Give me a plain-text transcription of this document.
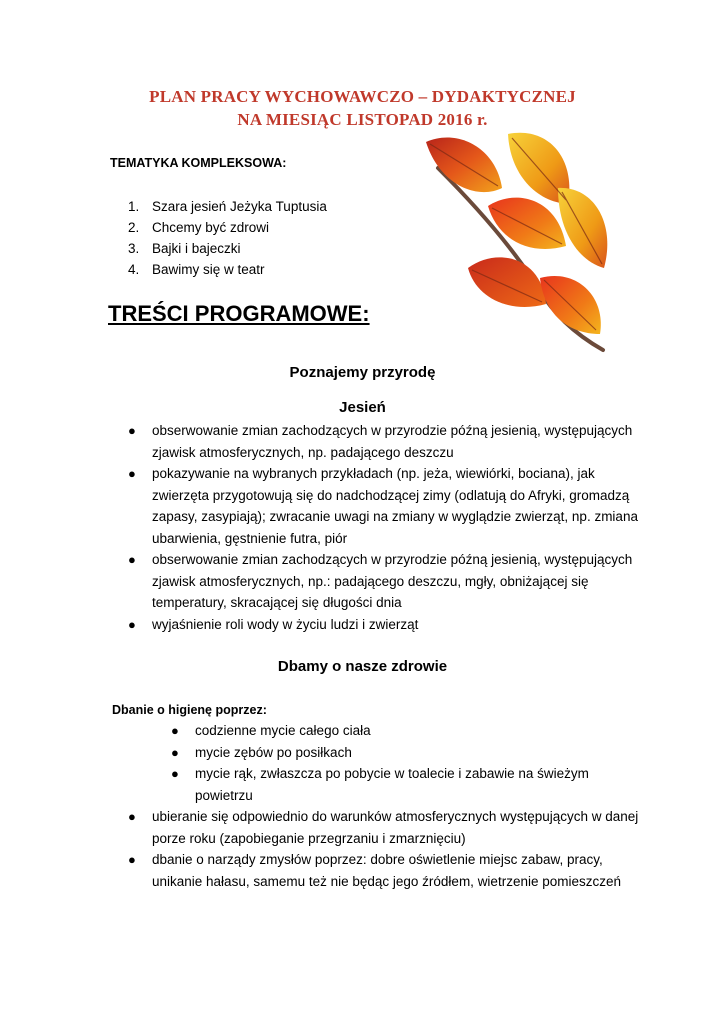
PLAN PRACY WYCHOWAWCZO – DYDAKTYCZNEJ
NA MIESIĄC LISTOPAD 2016 r.
TEMATYKA KOMPLEKSOWA:
1. Szara jesień Jeżyka Tuptusia
2. Chcemy być zdrowi
3. Bajki i bajeczki
4. Bawimy się w teatr
TREŚCI PROGRAMOWE:
Poznajemy przyrodę
Jesień
● obserwowanie zmian zachodzących w przyrodzie późną jesienią, występujących zjawisk atmosferycznych, np. padającego deszczu
● pokazywanie na wybranych przykładach (np. jeża, wiewiórki, bociana), jak zwierzęta przygotowują się do nadchodzącej zimy (odlatują do Afryki, gromadzą zapasy, zasypiają); zwracanie uwagi na zmiany w wyglądzie zwierząt, np. zmiana ubarwienia, gęstnienie futra, piór
● obserwowanie zmian zachodzących w przyrodzie późną jesienią, występujących zjawisk atmosferycznych, np.: padającego deszczu, mgły, obniżającej się temperatury, skracającej się długości dnia
● wyjaśnienie roli wody w życiu ludzi i zwierząt
Dbamy o nasze zdrowie
Dbanie o higienę poprzez:
● codzienne mycie całego ciała
● mycie zębów po posiłkach
● mycie rąk, zwłaszcza po pobycie w toalecie i zabawie na świeżym powietrzu
● ubieranie się odpowiednio do warunków atmosferycznych występujących w danej porze roku (zapobieganie przegrzaniu i zmarznięciu)
● dbanie o narządy zmysłów poprzez: dobre oświetlenie miejsc zabaw, pracy, unikanie hałasu, samemu też nie będąc jego źródłem, wietrzenie pomieszczeń
